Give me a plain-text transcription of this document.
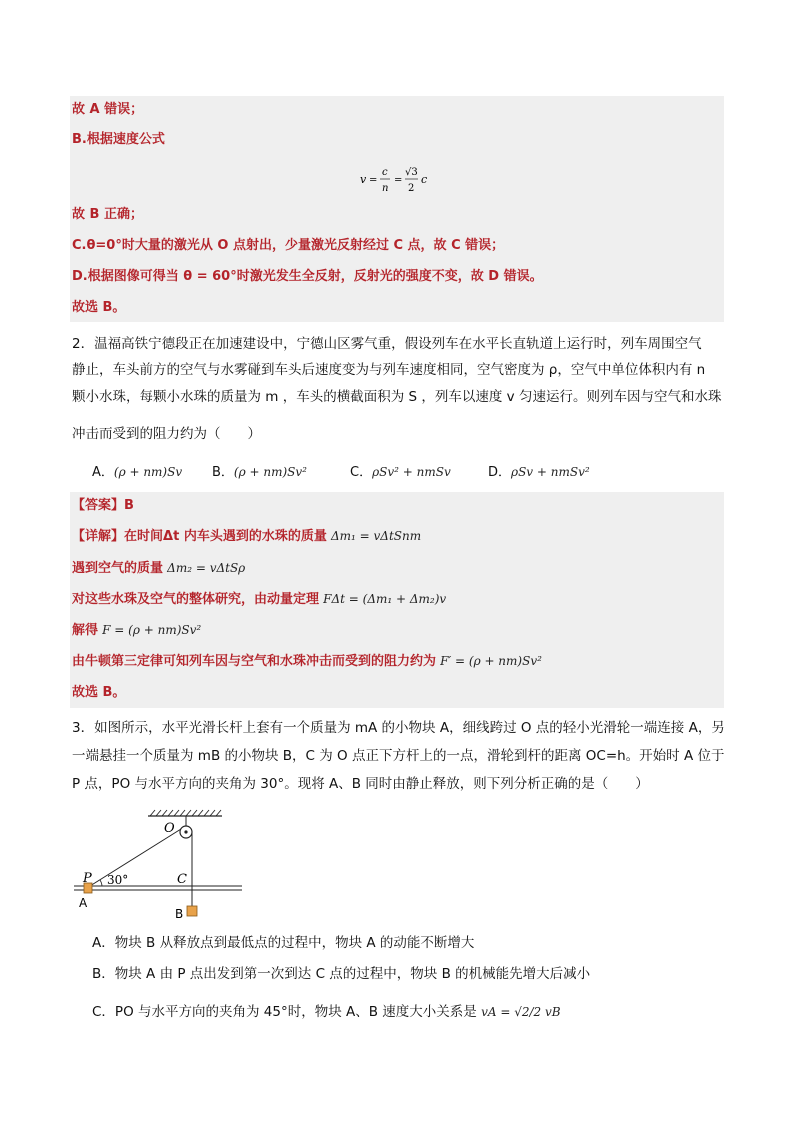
故 A 错误；
B.根据速度公式
v =
c
n
=
√3
2
c
故 B 正确；
C.θ=0°时大量的激光从 O 点射出，少量激光反射经过 C 点，故 C 错误；
D.根据图像可得当 θ = 60°时激光发生全反射，反射光的强度不变，故 D 错误。
故选 B。
2．温福高铁宁德段正在加速建设中，宁德山区雾气重，假设列车在水平长直轨道上运行时，列车周围空气
静止，车头前方的空气与水雾碰到车头后速度变为与列车速度相同，空气密度为 ρ，空气中单位体积内有 n
颗小水珠，每颗小水珠的质量为 m ，车头的横截面积为 S ，列车以速度 v 匀速运行。则列车因与空气和水珠
冲击而受到的阻力约为（　　）
A．(ρ + nm)Sv B．(ρ + nm)Sv²	C．ρSv² + nmSv	D．ρSv + nmSv²
【答案】B
【详解】在时间Δt 内车头遇到的水珠的质量 Δm₁ = vΔtSnm
遇到空气的质量 Δm₂ = vΔtSρ
对这些水珠及空气的整体研究，由动量定理 FΔt = (Δm₁ + Δm₂)v
解得 F = (ρ + nm)Sv²
由牛顿第三定律可知列车因与空气和水珠冲击而受到的阻力约为 F′ = (ρ + nm)Sv²
故选 B。
3．如图所示，水平光滑长杆上套有一个质量为 mA 的小物块 A，细线跨过 O 点的轻小光滑轮一端连接 A，另
一端悬挂一个质量为 mB 的小物块 B，C 为 O 点正下方杆上的一点，滑轮到杆的距离 OC=h。开始时 A 位于
P 点，PO 与水平方向的夹角为 30°。现将 A、B 同时由静止释放，则下列分析正确的是（　　）
O
P 30°	C
A
B
A．物块 B 从释放点到最低点的过程中，物块 A 的动能不断增大
B．物块 A 由 P 点出发到第一次到达 C 点的过程中，物块 B 的机械能先增大后减小
C．PO 与水平方向的夹角为 45°时，物块 A、B 速度大小关系是 vA = √2/2 vB
